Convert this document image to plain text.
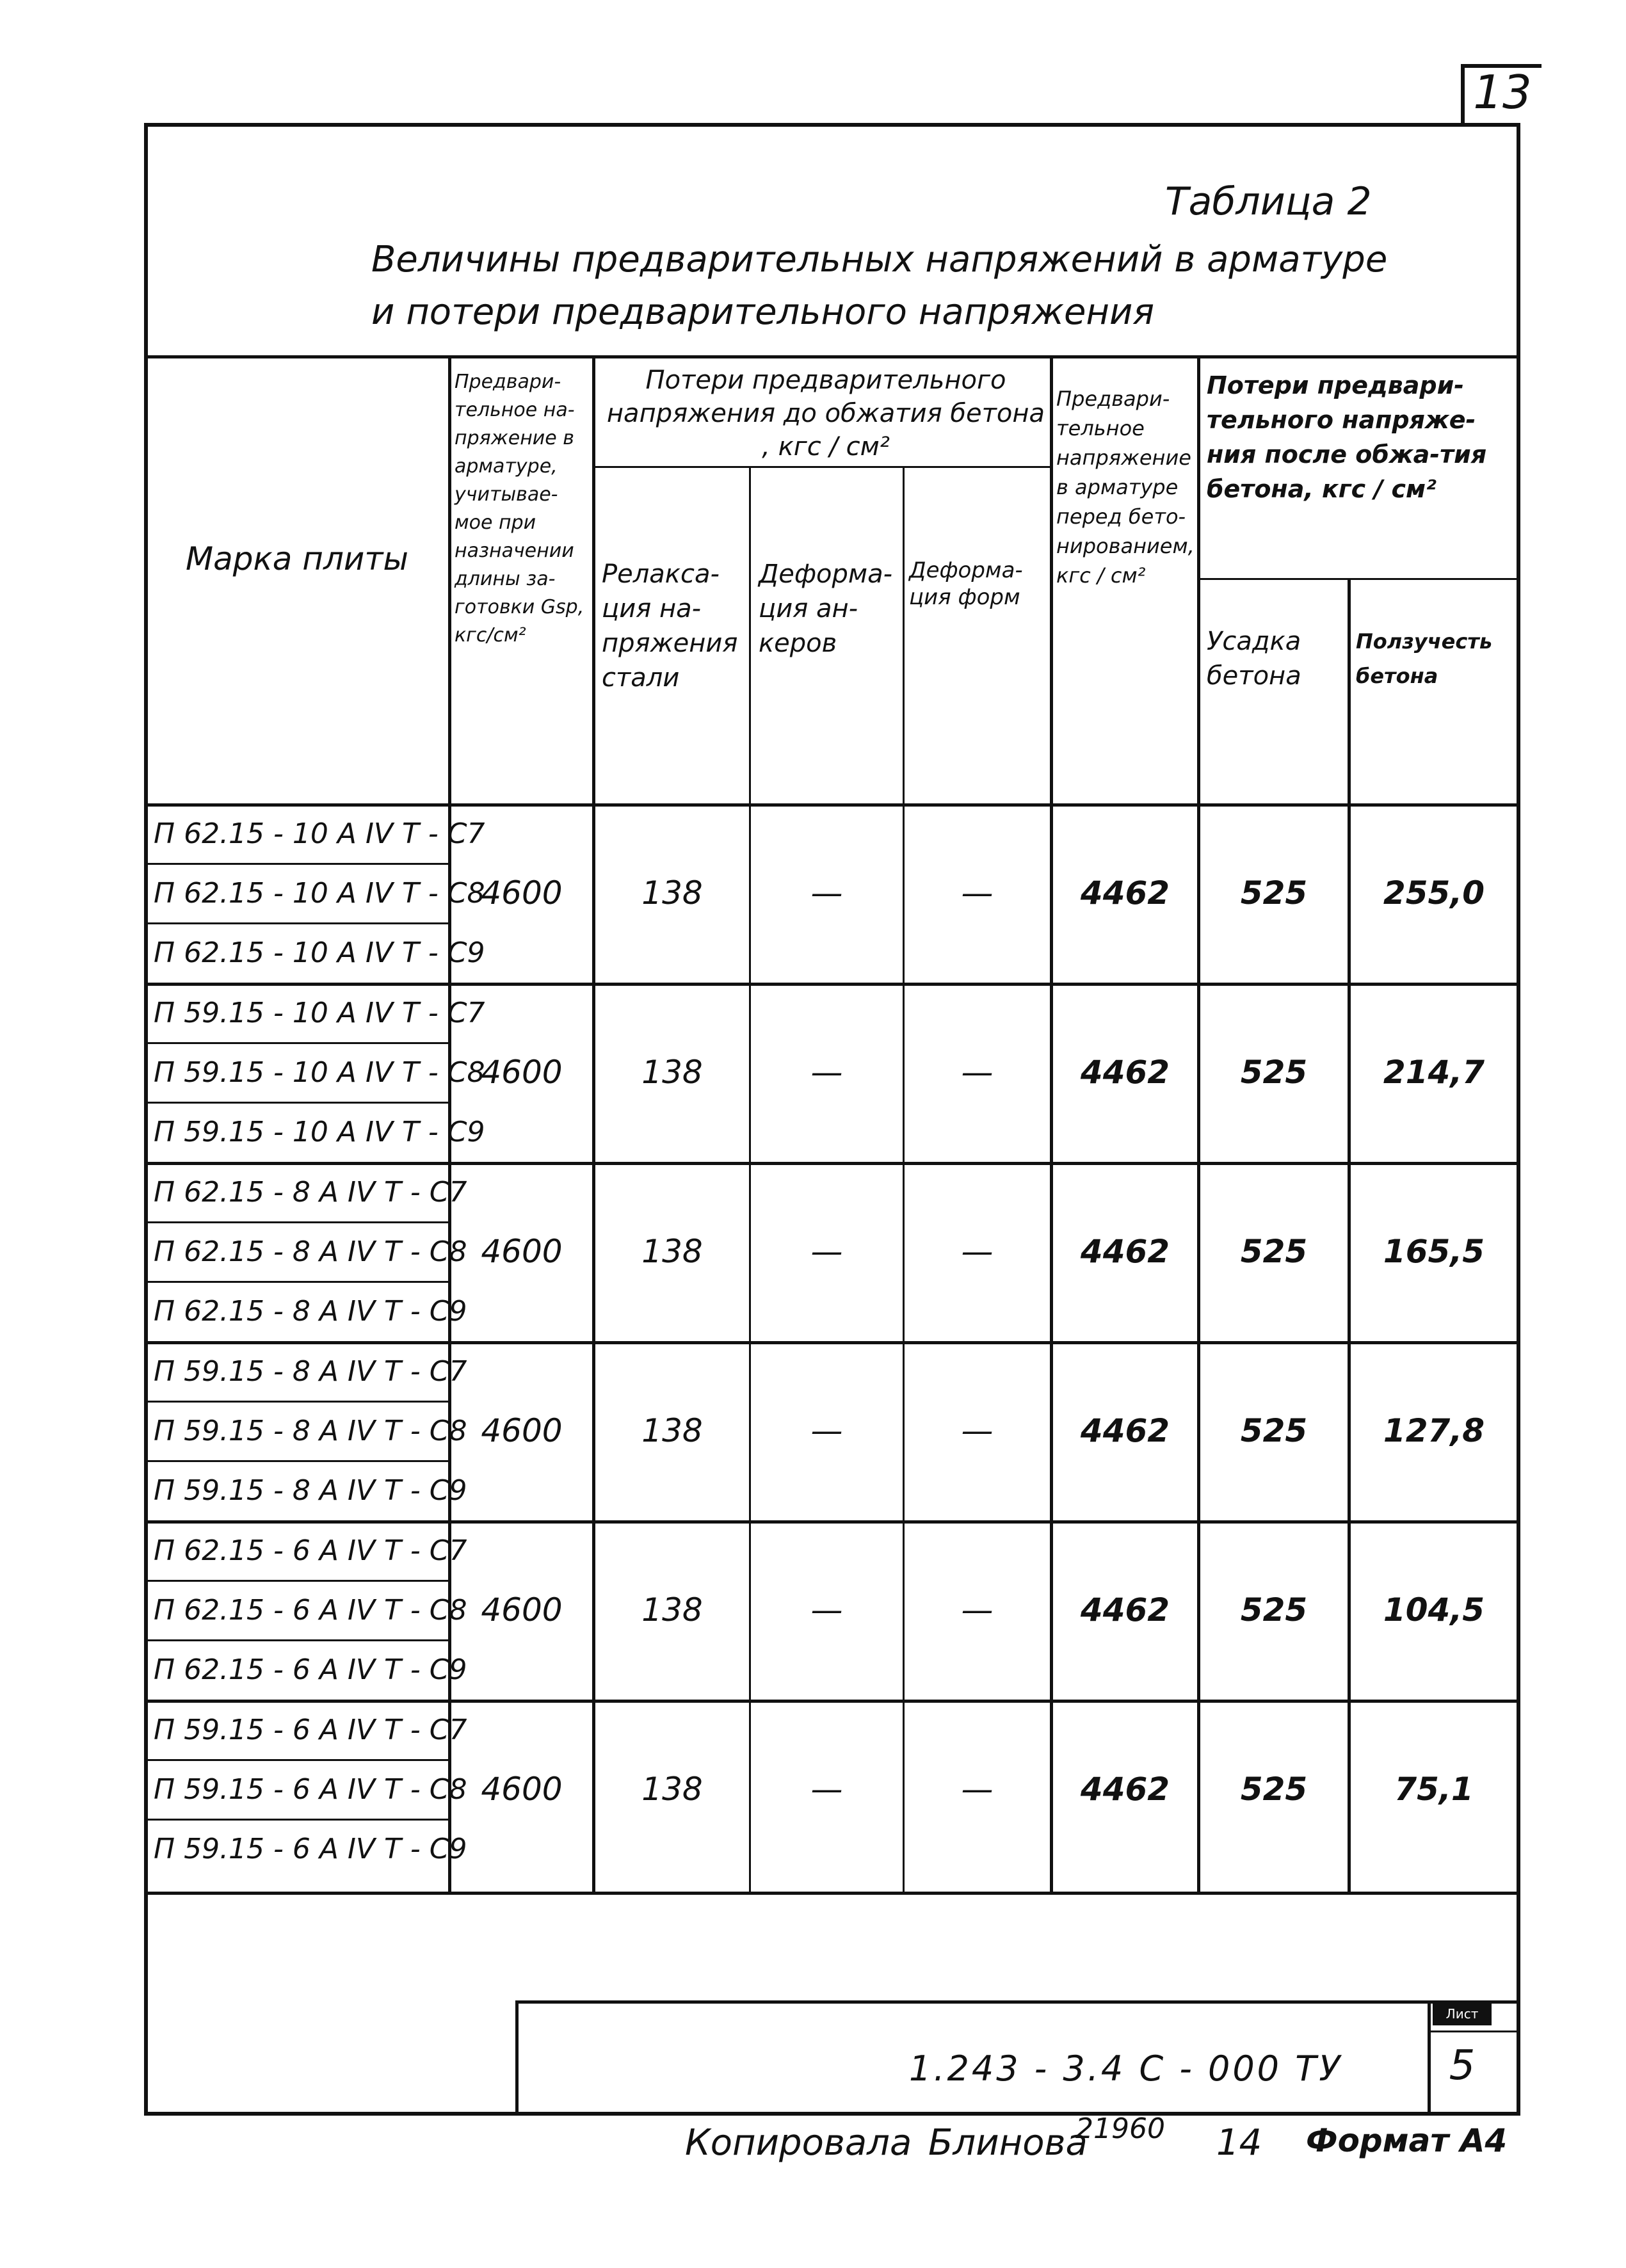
13
Таблица 2
Величины предварительных напряжений в арматуре
и потери предварительного напряжения
Марка плиты
Предвари-тельное на-пряжение в арматуре, учитывае-мое при назначении длины за-готовки Gsp, кгс/см²
Потери предварительного напряжения до обжатия бетона , кгс / см²
Релакса-ция на-пряжения стали
Деформа-ция ан-керов
Деформа-ция форм
Предвари-тельное напряжение в арматуре перед бето-нированием, кгс / см²
Потери предвари-тельного напряже-ния после обжа-тия бетона, кгс / см²
Усадка бетона
Ползучесть бетона
П 62.15 - 10 А IV Т - С7
П 62.15 - 10 А IV Т - С8
П 62.15 - 10 А IV Т - С9
4600	138	—	—	4462	525	255,0
П 59.15 - 10 А IV Т - С7
П 59.15 - 10 А IV Т - С8
П 59.15 - 10 А IV Т - С9
4600	138	—	—	4462	525	214,7
П 62.15 - 8 А IV Т - С7
П 62.15 - 8 А IV Т - С8
П 62.15 - 8 А IV Т - С9
4600	138	—	—	4462	525	165,5
П 59.15 - 8 А IV Т - С7
П 59.15 - 8 А IV Т - С8
П 59.15 - 8 А IV Т - С9
4600	138	—	—	4462	525	127,8
П 62.15 - 6 А IV Т - С7
П 62.15 - 6 А IV Т - С8
П 62.15 - 6 А IV Т - С9
4600	138	—	—	4462	525	104,5
П 59.15 - 6 А IV Т - С7
П 59.15 - 6 А IV Т - С8
П 59.15 - 6 А IV Т - С9
4600	138	—	—	4462	525	75,1
1.243 - 3.4 С - 000 ТУ
Лист
5
Копировала Блинова
21960 14 Формат А4
